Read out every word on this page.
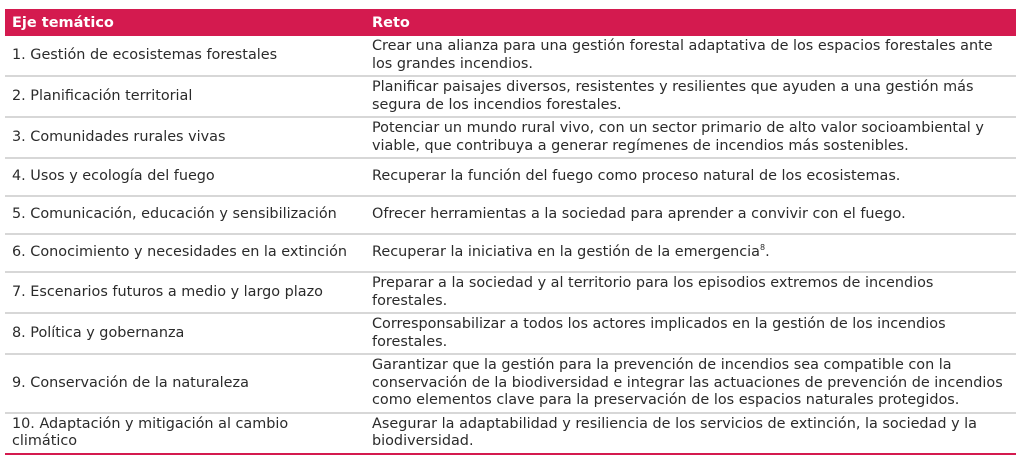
Eje temático	Reto
1. Gestión de ecosistemas forestales	Crear una alianza para una gestión forestal adaptativa de los espacios forestales ante los grandes incendios.
2. Planificación territorial	Planificar paisajes diversos, resistentes y resilientes que ayuden a una gestión más segura de los incendios forestales.
3. Comunidades rurales vivas	Potenciar un mundo rural vivo, con un sector primario de alto valor socioambiental y viable, que contribuya a generar regímenes de incendios más sostenibles.
4. Usos y ecología del fuego	Recuperar la función del fuego como proceso natural de los ecosistemas.
5. Comunicación, educación y sensibilización	Ofrecer herramientas a la sociedad para aprender a convivir con el fuego.
6. Conocimiento y necesidades en la extinción	Recuperar la iniciativa en la gestión de la emergencia$^8$.
7. Escenarios futuros a medio y largo plazo	Preparar a la sociedad y al territorio para los episodios extremos de incendios forestales.
8. Política y gobernanza	Corresponsabilizar a todos los actores implicados en la gestión de los incendios forestales.
9. Conservación de la naturaleza	Garantizar que la gestión para la prevención de incendios sea compatible con la conservación de la biodiversidad e integrar las actuaciones de prevención de incendios como elementos clave para la preservación de los espacios naturales protegidos.
10. Adaptación y mitigación al cambio climático	Asegurar la adaptabilidad y resiliencia de los servicios de extinción, la sociedad y la biodiversidad.
